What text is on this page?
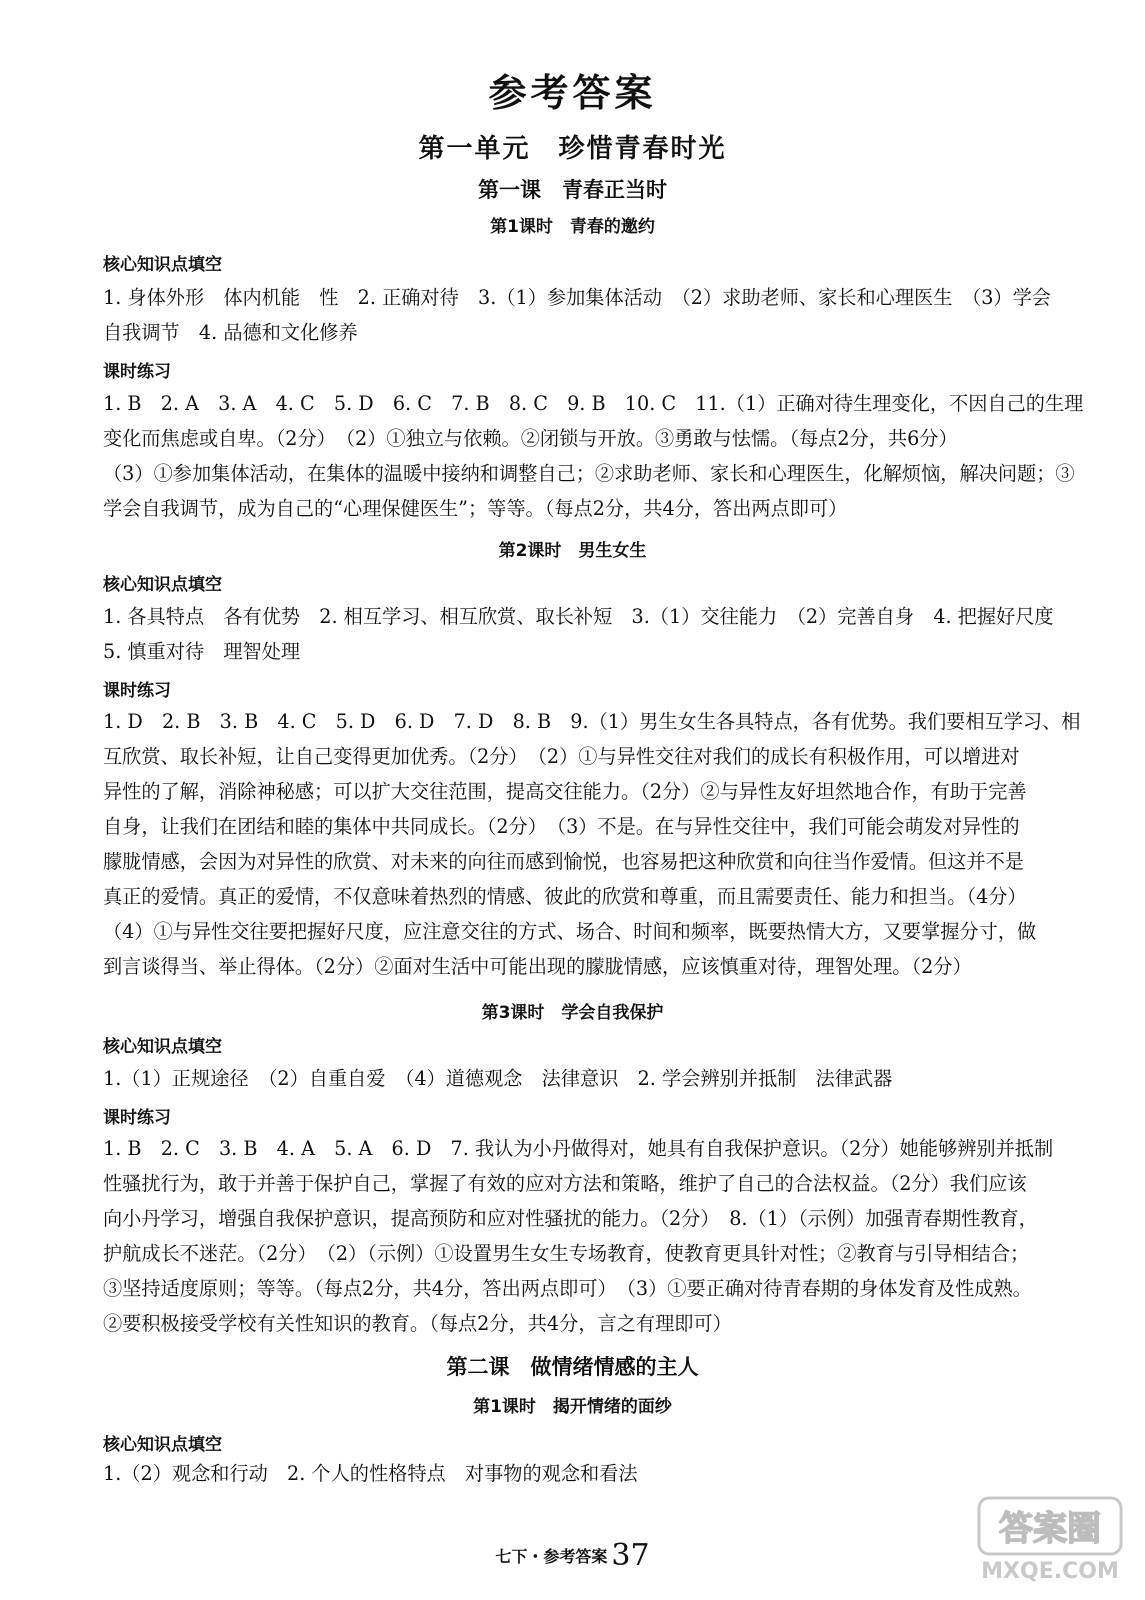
参考答案
第一单元　珍惜青春时光
第一课　青春正当时
第1课时　青春的邀约
核心知识点填空
1. 身体外形　体内机能　性　2. 正确对待　3.（1）参加集体活动　（2）求助老师、家长和心理医生　（3）学会
自我调节　4. 品德和文化修养
课时练习
1. B　2. A　3. A　4. C　5. D　6. C　7. B　8. C　9. B　10. C　11.（1）正确对待生理变化，不因自己的生理
变化而焦虑或自卑。（2分）　（2）①独立与依赖。②闭锁与开放。③勇敢与怯懦。（每点2分，共6分）
（3）①参加集体活动，在集体的温暖中接纳和调整自己；②求助老师、家长和心理医生，化解烦恼，解决问题；③
学会自我调节，成为自己的“心理保健医生”；等等。（每点2分，共4分，答出两点即可）
第2课时　男生女生
核心知识点填空
1. 各具特点　各有优势　2. 相互学习、相互欣赏、取长补短　3.（1）交往能力　（2）完善自身　4. 把握好尺度
5. 慎重对待　理智处理
课时练习
1. D　2. B　3. B　4. C　5. D　6. D　7. D　8. B　9.（1）男生女生各具特点，各有优势。我们要相互学习、相
互欣赏、取长补短，让自己变得更加优秀。（2分）　（2）①与异性交往对我们的成长有积极作用，可以增进对
异性的了解，消除神秘感；可以扩大交往范围，提高交往能力。（2分）②与异性友好坦然地合作，有助于完善
自身，让我们在团结和睦的集体中共同成长。（2分）　（3）不是。在与异性交往中，我们可能会萌发对异性的
朦胧情感，会因为对异性的欣赏、对未来的向往而感到愉悦，也容易把这种欣赏和向往当作爱情。但这并不是
真正的爱情。真正的爱情，不仅意味着热烈的情感、彼此的欣赏和尊重，而且需要责任、能力和担当。（4分）
（4）①与异性交往要把握好尺度，应注意交往的方式、场合、时间和频率，既要热情大方，又要掌握分寸，做
到言谈得当、举止得体。（2分）②面对生活中可能出现的朦胧情感，应该慎重对待，理智处理。（2分）
第3课时　学会自我保护
核心知识点填空
1.（1）正规途径　（2）自重自爱　（4）道德观念　法律意识　2. 学会辨别并抵制　法律武器
课时练习
1. B　2. C　3. B　4. A　5. A　6. D　7. 我认为小丹做得对，她具有自我保护意识。（2分）她能够辨别并抵制
性骚扰行为，敢于并善于保护自己，掌握了有效的应对方法和策略，维护了自己的合法权益。（2分）我们应该
向小丹学习，增强自我保护意识，提高预防和应对性骚扰的能力。（2分）　8.（1）（示例）加强青春期性教育，
护航成长不迷茫。（2分）　（2）（示例）①设置男生女生专场教育，使教育更具针对性；②教育与引导相结合；
③坚持适度原则；等等。（每点2分，共4分，答出两点即可）　（3）①要正确对待青春期的身体发育及性成熟。
②要积极接受学校有关性知识的教育。（每点2分，共4分，言之有理即可）
第二课　做情绪情感的主人
第1课时　揭开情绪的面纱
核心知识点填空
1.（2）观念和行动　2. 个人的性格特点　对事物的观念和看法
七下・参考答案 37
答案圈
MXQE.COM
